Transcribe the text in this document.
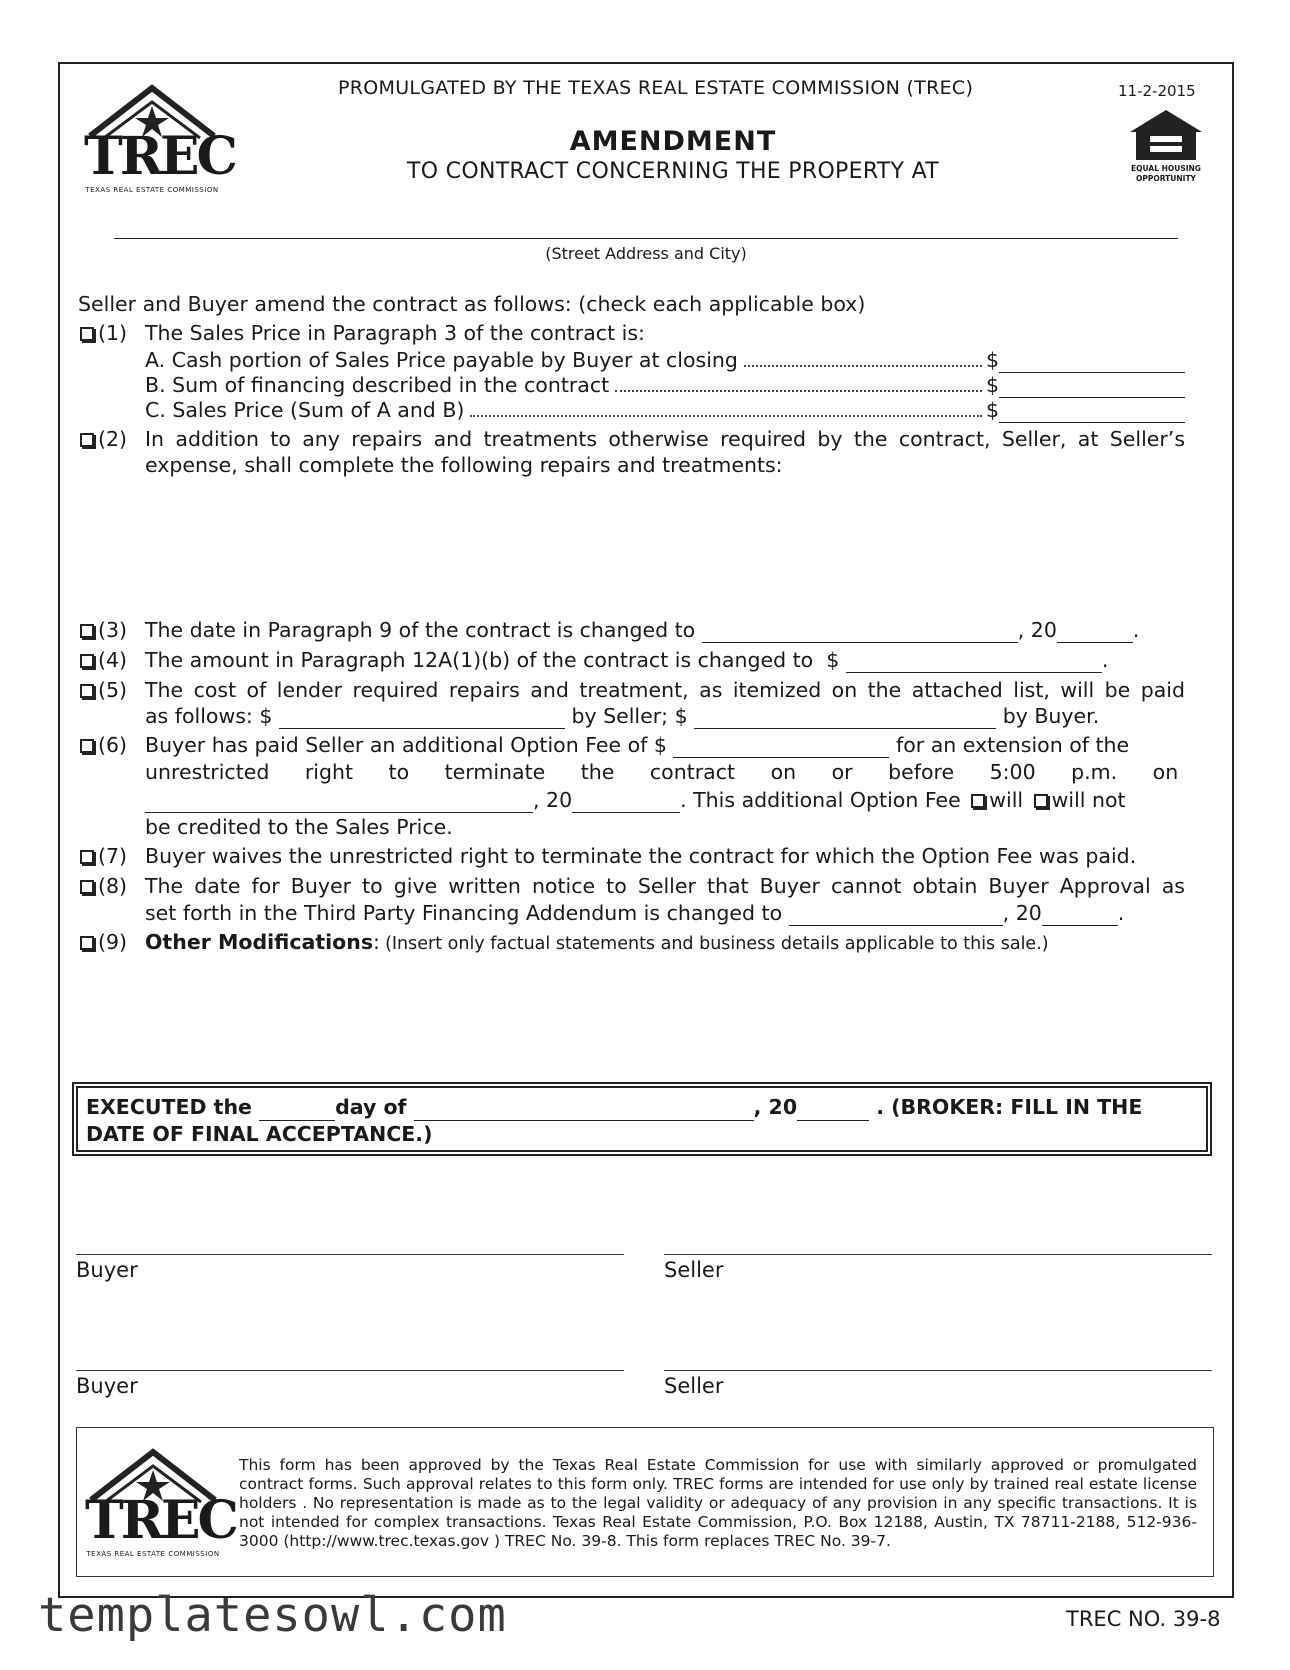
TREC
TEXAS REAL ESTATE COMMISSION
PROMULGATED BY THE TEXAS REAL ESTATE COMMISSION (TREC)	11-2-2015
AMENDMENT
TO CONTRACT CONCERNING THE PROPERTY AT	EQUAL HOUSING
OPPORTUNITY
(Street Address and City)
Seller and Buyer amend the contract as follows: (check each applicable box)
(1) The Sales Price in Paragraph 3 of the contract is:
A. Cash portion of Sales Price payable by Buyer at closing	$

B. Sum of financing described in the contract	$

C. Sales Price (Sum of A and B)	$

(2) In addition to any repairs and treatments otherwise required by the contract, Seller, at Seller’s
expense, shall complete the following repairs and treatments:
(3) The date in Paragraph 9 of the contract is changed to	, 20	.
(4) The amount in Paragraph 12A(1)(b) of the contract is changed to $	.
(5) The cost of lender required repairs and treatment, as itemized on the attached list, will be paid
as follows: $	by Seller; $	by Buyer.
(6) Buyer has paid Seller an additional Option Fee of $	for an extension of the
unrestricted right to terminate the contract on or before 5:00 p.m. on
, 20	. This additional Option Fee will will not
be credited to the Sales Price.
(7) Buyer waives the unrestricted right to terminate the contract for which the Option Fee was paid.
(8) The date for Buyer to give written notice to Seller that Buyer cannot obtain Buyer Approval as
set forth in the Third Party Financing Addendum is changed to	, 20	.
(9) Other Modifications: (Insert only factual statements and business details applicable to this sale.)
EXECUTED the	day of	, 20	. (BROKER: FILL IN THE
DATE OF FINAL ACCEPTANCE.)
Buyer	Seller
Buyer	Seller
TREC
TEXAS REAL ESTATE COMMISSION
This form has been approved by the Texas Real Estate Commission for use with similarly approved or promulgated contract forms. Such approval relates to this form only. TREC forms are intended for use only by trained real estate license holders . No representation is made as to the legal validity or adequacy of any provision in any specific transactions. It is not intended for complex transactions. Texas Real Estate Commission, P.O. Box 12188, Austin, TX 78711-2188, 512-936-3000 (http://www.trec.texas.gov ) TREC No. 39-8. This form replaces TREC No. 39-7.
templatesowl.com	TREC NO. 39-8
